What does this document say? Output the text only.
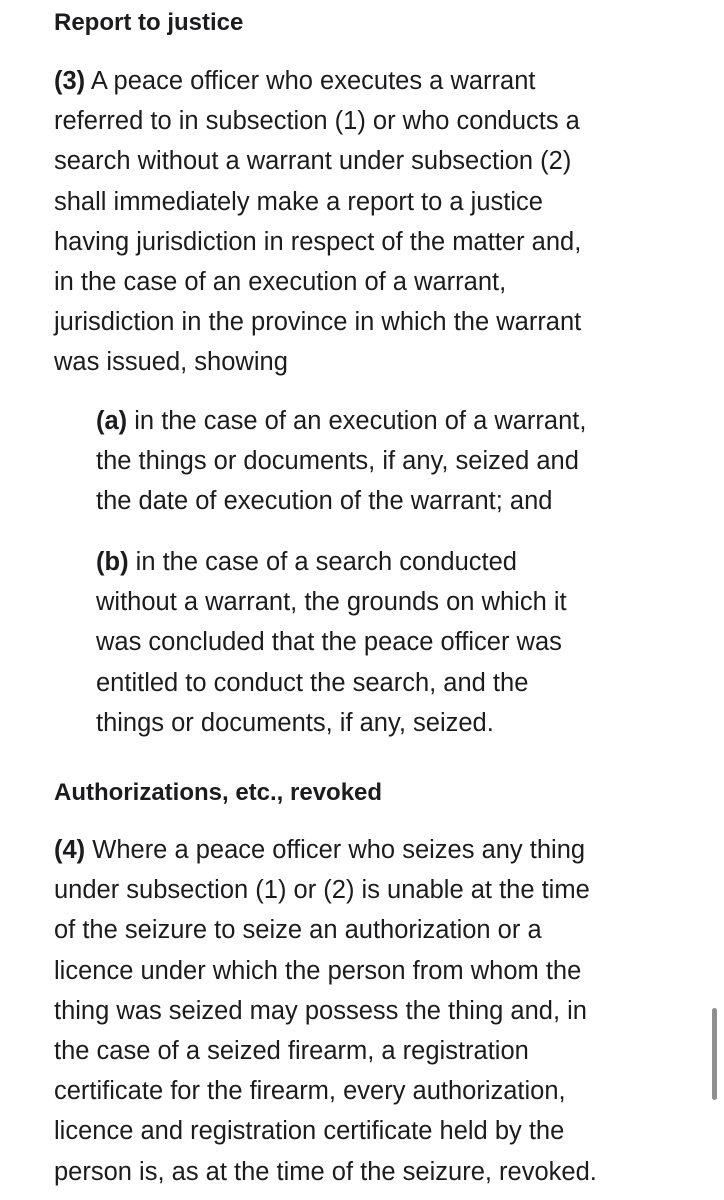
Report to justice

(3) A peace officer who executes a warrant
referred to in subsection (1) or who conducts a
search without a warrant under subsection (2)
shall immediately make a report to a justice
having jurisdiction in respect of the matter and,
in the case of an execution of a warrant,
jurisdiction in the province in which the warrant
was issued, showing

(a) in the case of an execution of a warrant,
the things or documents, if any, seized and
the date of execution of the warrant; and

(b) in the case of a search conducted
without a warrant, the grounds on which it
was concluded that the peace officer was
entitled to conduct the search, and the
things or documents, if any, seized.

Authorizations, etc., revoked

(4) Where a peace officer who seizes any thing
under subsection (1) or (2) is unable at the time
of the seizure to seize an authorization or a
licence under which the person from whom the
thing was seized may possess the thing and, in
the case of a seized firearm, a registration
certificate for the firearm, every authorization,
licence and registration certificate held by the
person is, as at the time of the seizure, revoked.
